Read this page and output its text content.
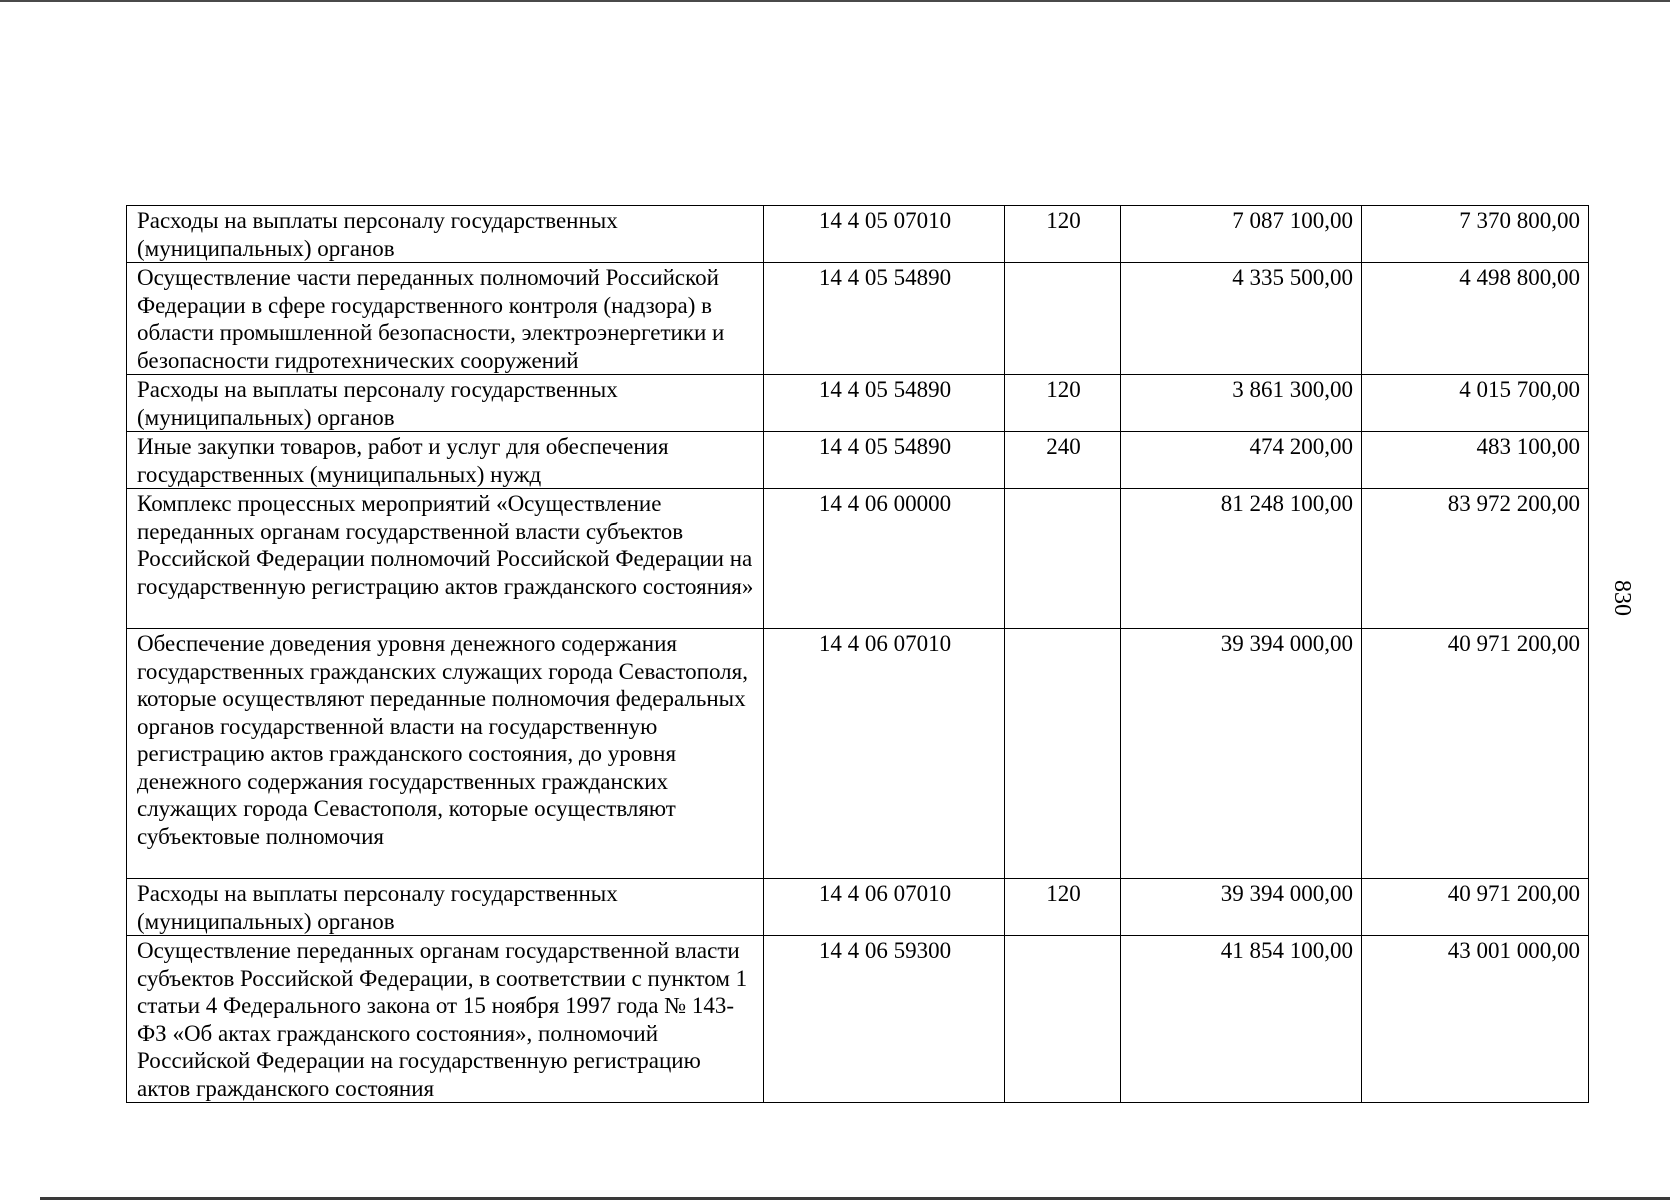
830
Расходы на выплаты персоналу государственных (муниципальных) органов	14 4 05 07010	120	7 087 100,00	7 370 800,00
Осуществление части переданных полномочий Российской Федерации в сфере государственного контроля (надзора) в области промышленной безопасности, электроэнергетики и безопасности гидротехнических сооружений	14 4 05 54890		4 335 500,00	4 498 800,00
Расходы на выплаты персоналу государственных (муниципальных) органов	14 4 05 54890	120	3 861 300,00	4 015 700,00
Иные закупки товаров, работ и услуг для обеспечения государственных (муниципальных) нужд	14 4 05 54890	240	474 200,00	483 100,00
Комплекс процессных мероприятий «Осуществление переданных органам государственной власти субъектов Российской Федерации полномочий Российской Федерации на государственную регистрацию актов гражданского состояния»	14 4 06 00000		81 248 100,00	83 972 200,00
Обеспечение доведения уровня денежного содержания государственных гражданских служащих города Севастополя, которые осуществляют переданные полномочия федеральных органов государственной власти на государственную регистрацию актов гражданского состояния, до уровня денежного содержания государственных гражданских служащих города Севастополя, которые осуществляют субъектовые полномочия	14 4 06 07010		39 394 000,00	40 971 200,00
Расходы на выплаты персоналу государственных (муниципальных) органов	14 4 06 07010	120	39 394 000,00	40 971 200,00
Осуществление переданных органам государственной власти субъектов Российской Федерации, в соответствии с пунктом 1 статьи 4 Федерального закона от 15 ноября 1997 года № 143-ФЗ «Об актах гражданского состояния», полномочий Российской Федерации на государственную регистрацию актов гражданского состояния	14 4 06 59300		41 854 100,00	43 001 000,00
